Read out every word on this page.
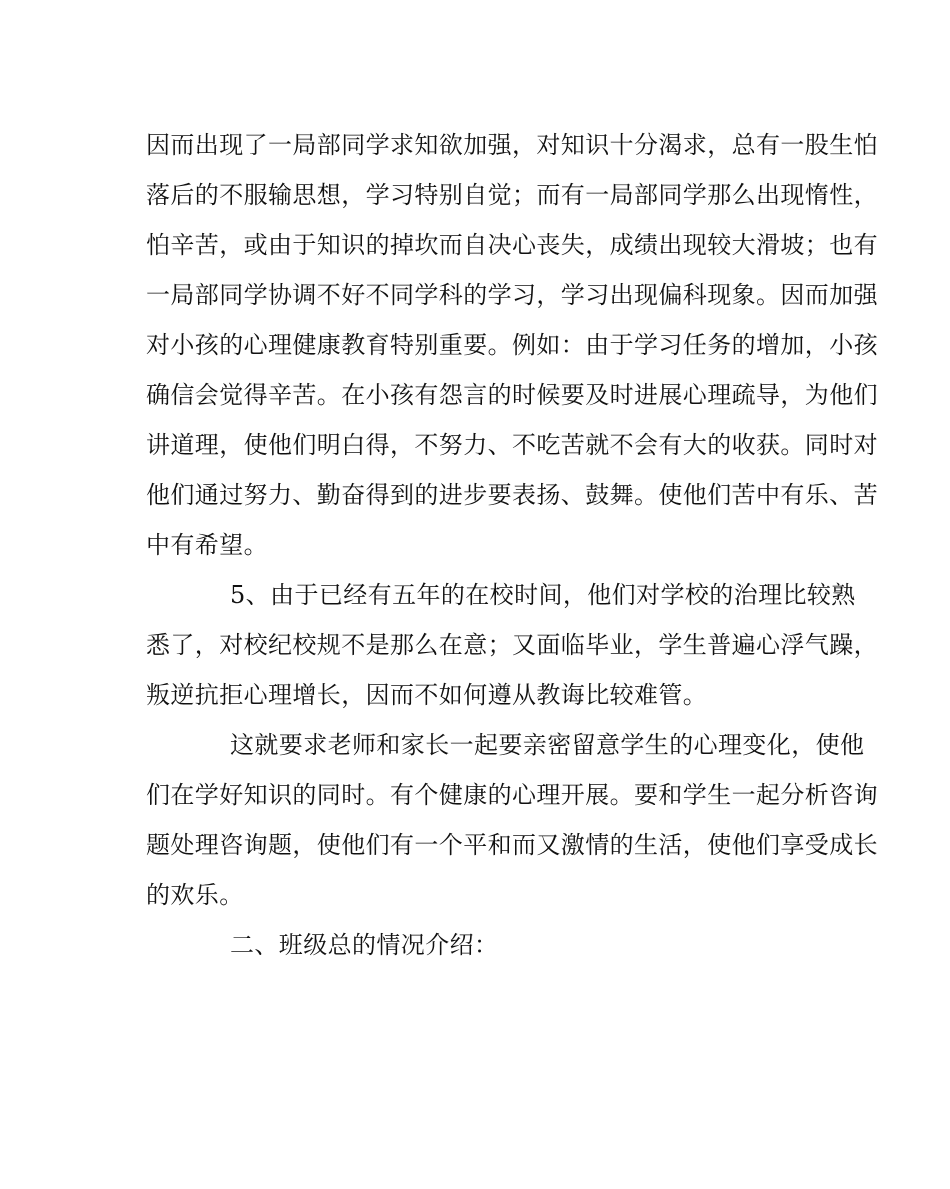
因而出现了一局部同学求知欲加强，对知识十分渴求，总有一股生怕
落后的不服输思想，学习特别自觉；而有一局部同学那么出现惰性，
怕辛苦，或由于知识的掉坎而自决心丧失，成绩出现较大滑坡；也有
一局部同学协调不好不同学科的学习，学习出现偏科现象。因而加强
对小孩的心理健康教育特别重要。例如：由于学习任务的增加，小孩
确信会觉得辛苦。在小孩有怨言的时候要及时进展心理疏导，为他们
讲道理，使他们明白得，不努力、不吃苦就不会有大的收获。同时对
他们通过努力、勤奋得到的进步要表扬、鼓舞。使他们苦中有乐、苦
中有希望。
5、由于已经有五年的在校时间，他们对学校的治理比较熟
悉了，对校纪校规不是那么在意；又面临毕业，学生普遍心浮气躁，
叛逆抗拒心理增长，因而不如何遵从教诲比较难管。
这就要求老师和家长一起要亲密留意学生的心理变化，使他
们在学好知识的同时。有个健康的心理开展。要和学生一起分析咨询
题处理咨询题，使他们有一个平和而又激情的生活，使他们享受成长
的欢乐。
二、班级总的情况介绍：
